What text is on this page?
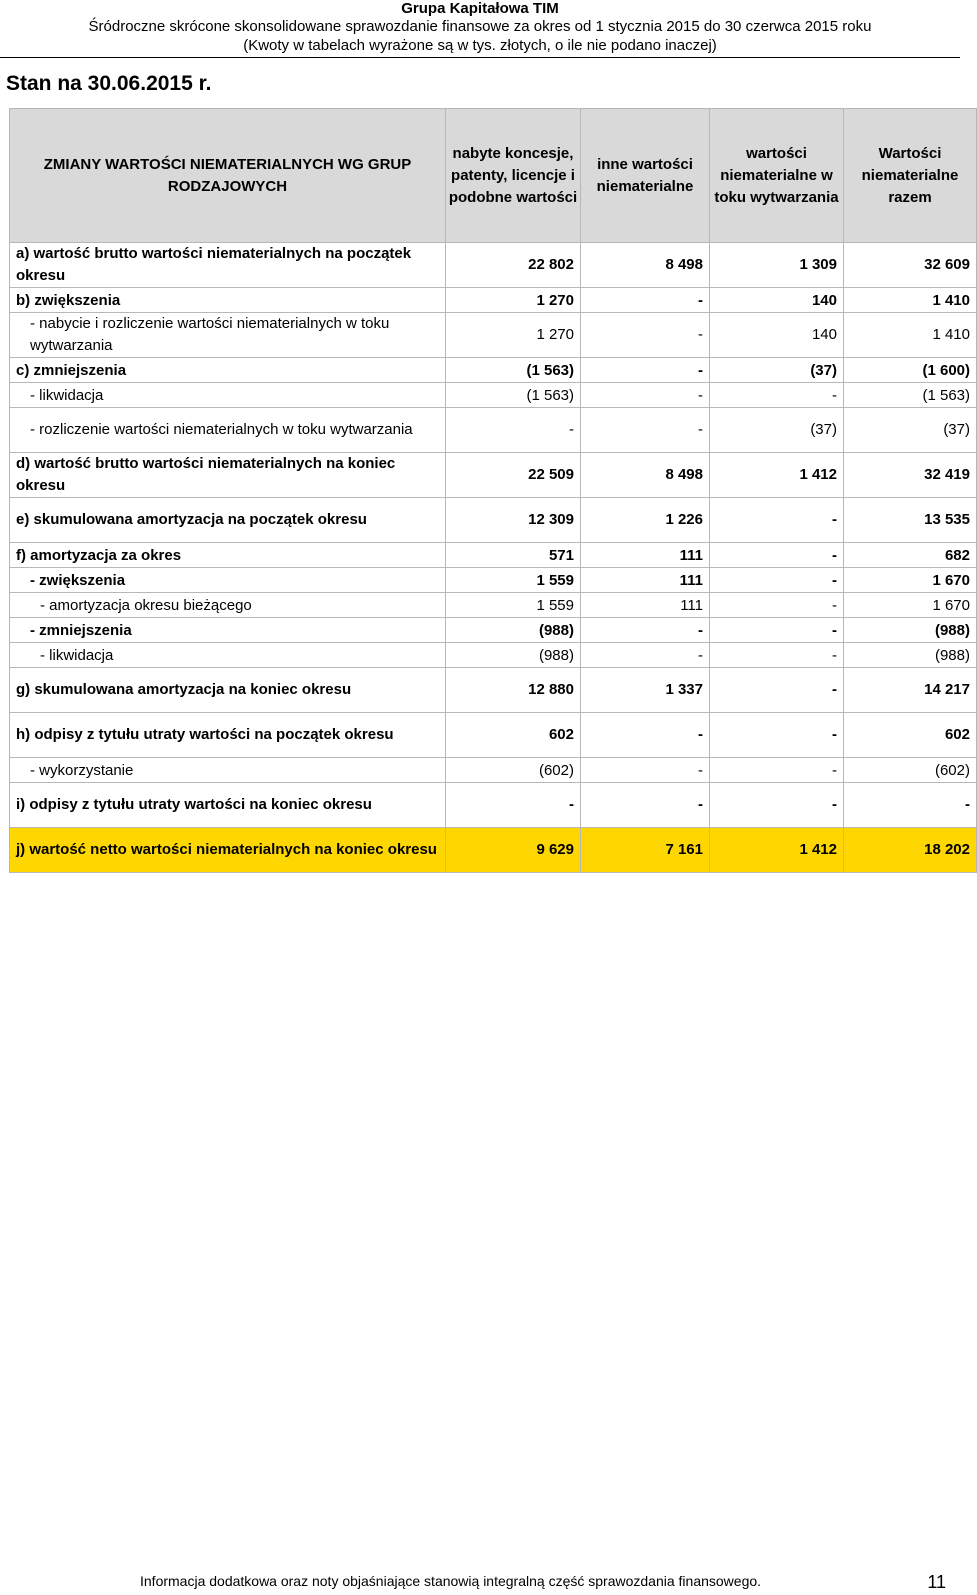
Grupa Kapitałowa TIM
Śródroczne skrócone skonsolidowane sprawozdanie finansowe za okres od 1 stycznia 2015 do 30 czerwca 2015 roku
(Kwoty w tabelach wyrażone są w tys. złotych, o ile nie podano inaczej)
Stan na 30.06.2015 r.
ZMIANY WARTOŚCI NIEMATERIALNYCH WG GRUP RODZAJOWYCH	nabyte koncesje, patenty, licencje i podobne wartości	inne wartości niematerialne	wartości niematerialne w toku wytwarzania	Wartości niematerialne razem
a) wartość brutto wartości niematerialnych na początek okresu	22 802	8 498	1 309	32 609
b) zwiększenia	1 270	-	140	1 410
- nabycie i rozliczenie wartości niematerialnych w toku wytwarzania	1 270	-	140	1 410
c) zmniejszenia	(1 563)	-	(37)	(1 600)
- likwidacja	(1 563)	-	-	(1 563)
- rozliczenie wartości niematerialnych w toku wytwarzania	-	-	(37)	(37)
d) wartość brutto wartości niematerialnych na koniec okresu	22 509	8 498	1 412	32 419
e) skumulowana amortyzacja na początek okresu	12 309	1 226	-	13 535
f) amortyzacja za okres	571	111	-	682
- zwiększenia	1 559	111	-	1 670
- amortyzacja okresu bieżącego	1 559	111	-	1 670
- zmniejszenia	(988)	-	-	(988)
- likwidacja	(988)	-	-	(988)
g) skumulowana amortyzacja na koniec okresu	12 880	1 337	-	14 217
h) odpisy z tytułu utraty wartości na początek okresu	602	-	-	602
- wykorzystanie	(602)	-	-	(602)
i) odpisy z tytułu utraty wartości na koniec okresu	-	-	-	-
j) wartość netto wartości niematerialnych na koniec okresu	9 629	7 161	1 412	18 202
Informacja dodatkowa oraz noty objaśniające stanowią integralną część sprawozdania finansowego.	11
